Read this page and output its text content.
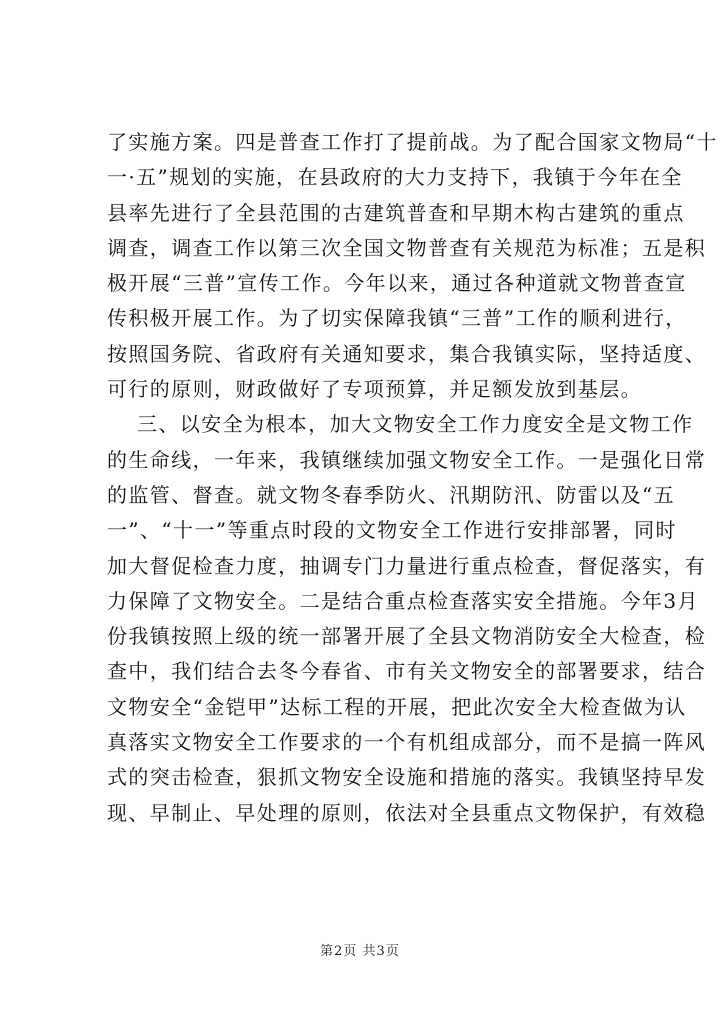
了实施方案。四是普查工作打了提前战。为了配合国家文物局“十
一·五”规划的实施，在县政府的大力支持下，我镇于今年在全
县率先进行了全县范围的古建筑普查和早期木构古建筑的重点
调查，调查工作以第三次全国文物普查有关规范为标准；五是积
极开展“三普”宣传工作。今年以来，通过各种道就文物普查宣
传积极开展工作。为了切实保障我镇“三普”工作的顺利进行，
按照国务院、省政府有关通知要求，集合我镇实际，坚持适度、
可行的原则，财政做好了专项预算，并足额发放到基层。
三、以安全为根本，加大文物安全工作力度安全是文物工作
的生命线，一年来，我镇继续加强文物安全工作。一是强化日常
的监管、督查。就文物冬春季防火、汛期防汛、防雷以及“五
一”、“十一”等重点时段的文物安全工作进行安排部署，同时
加大督促检查力度，抽调专门力量进行重点检查，督促落实，有
力保障了文物安全。二是结合重点检查落实安全措施。今年3月
份我镇按照上级的统一部署开展了全县文物消防安全大检查，检
查中，我们结合去冬今春省、市有关文物安全的部署要求，结合
文物安全“金铠甲”达标工程的开展，把此次安全大检查做为认
真落实文物安全工作要求的一个有机组成部分，而不是搞一阵风
式的突击检查，狠抓文物安全设施和措施的落实。我镇坚持早发
现、早制止、早处理的原则，依法对全县重点文物保护，有效稳
第2页 共3页
